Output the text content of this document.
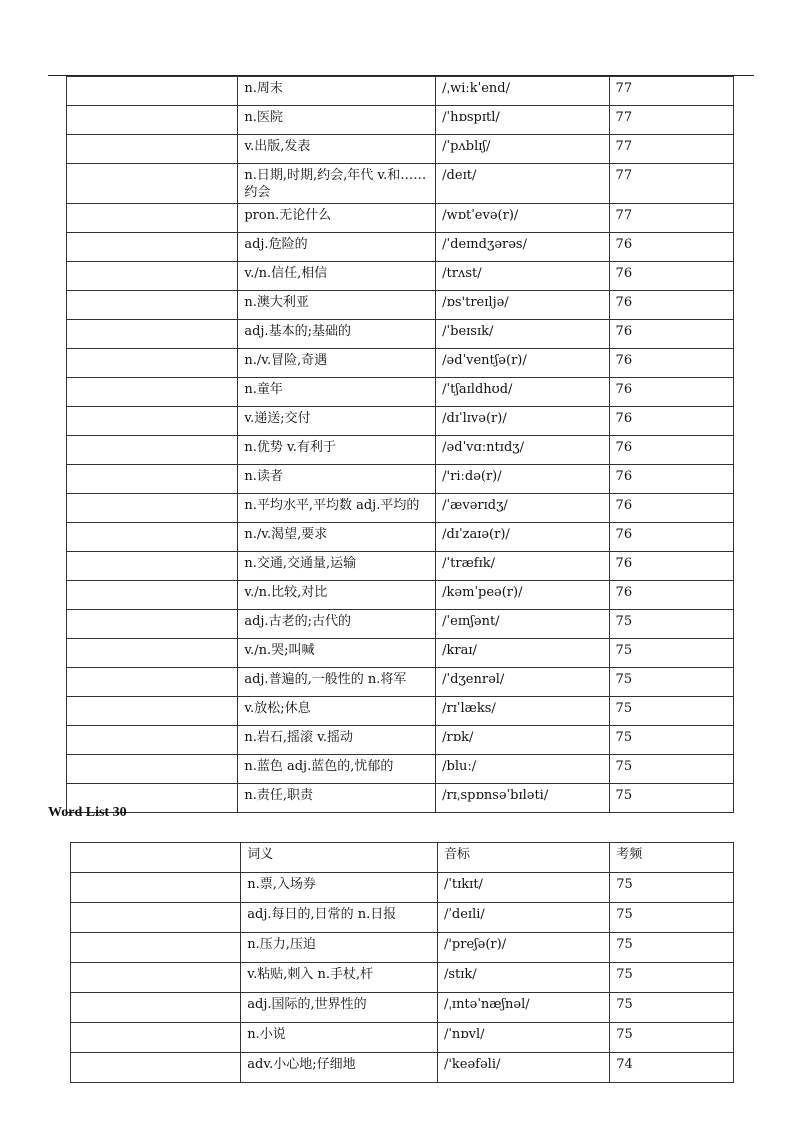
	n.周末	/ˌwiːkˈend/	77
	n.医院	/ˈhɒspɪtl/	77
	v.出版,发表	/ˈpʌblɪʃ/	77
	n.日期,时期,约会,年代 v.和……约会	/deɪt/	77
	pron.无论什么	/wɒtˈevə(r)/	77
	adj.危险的	/ˈdeɪndʒərəs/	76
	v./n.信任,相信	/trʌst/	76
	n.澳大利亚	/ɒs'treɪljə/	76
	adj.基本的;基础的	/ˈbeɪsɪk/	76
	n./v.冒险,奇遇	/ədˈventʃə(r)/	76
	n.童年	/ˈtʃaɪldhʊd/	76
	v.递送;交付	/dɪˈlɪvə(r)/	76
	n.优势 v.有利于	/ədˈvɑːntɪdʒ/	76
	n.读者	/'riːdə(r)/	76
	n.平均水平,平均数 adj.平均的	/ˈævərɪdʒ/	76
	n./v.渴望,要求	/dɪˈzaɪə(r)/	76
	n.交通,交通量,运输	/ˈtræfɪk/	76
	v./n.比较,对比	/kəmˈpeə(r)/	76
	adj.古老的;古代的	/ˈeɪnʃənt/	75
	v./n.哭;叫喊	/kraɪ/	75
	adj.普遍的,一般性的 n.将军	/ˈdʒenrəl/	75
	v.放松;休息	/rɪˈlæks/	75
	n.岩石,摇滚 v.摇动	/rɒk/	75
	n.蓝色 adj.蓝色的,忧郁的	/bluː/	75
	n.责任,职责	/rɪˌspɒnsəˈbɪləti/	75
Word List 30
	词义	音标	考频
	n.票,入场券	/ˈtɪkɪt/	75
	adj.每日的,日常的 n.日报	/ˈdeɪli/	75
	n.压力,压迫	/'preʃə(r)/	75
	v.粘贴,刺入 n.手杖,杆	/stɪk/	75
	adj.国际的,世界性的	/ˌɪntəˈnæʃnəl/	75
	n.小说	/ˈnɒvl/	75
	adv.小心地;仔细地	/'keəfəli/	74
